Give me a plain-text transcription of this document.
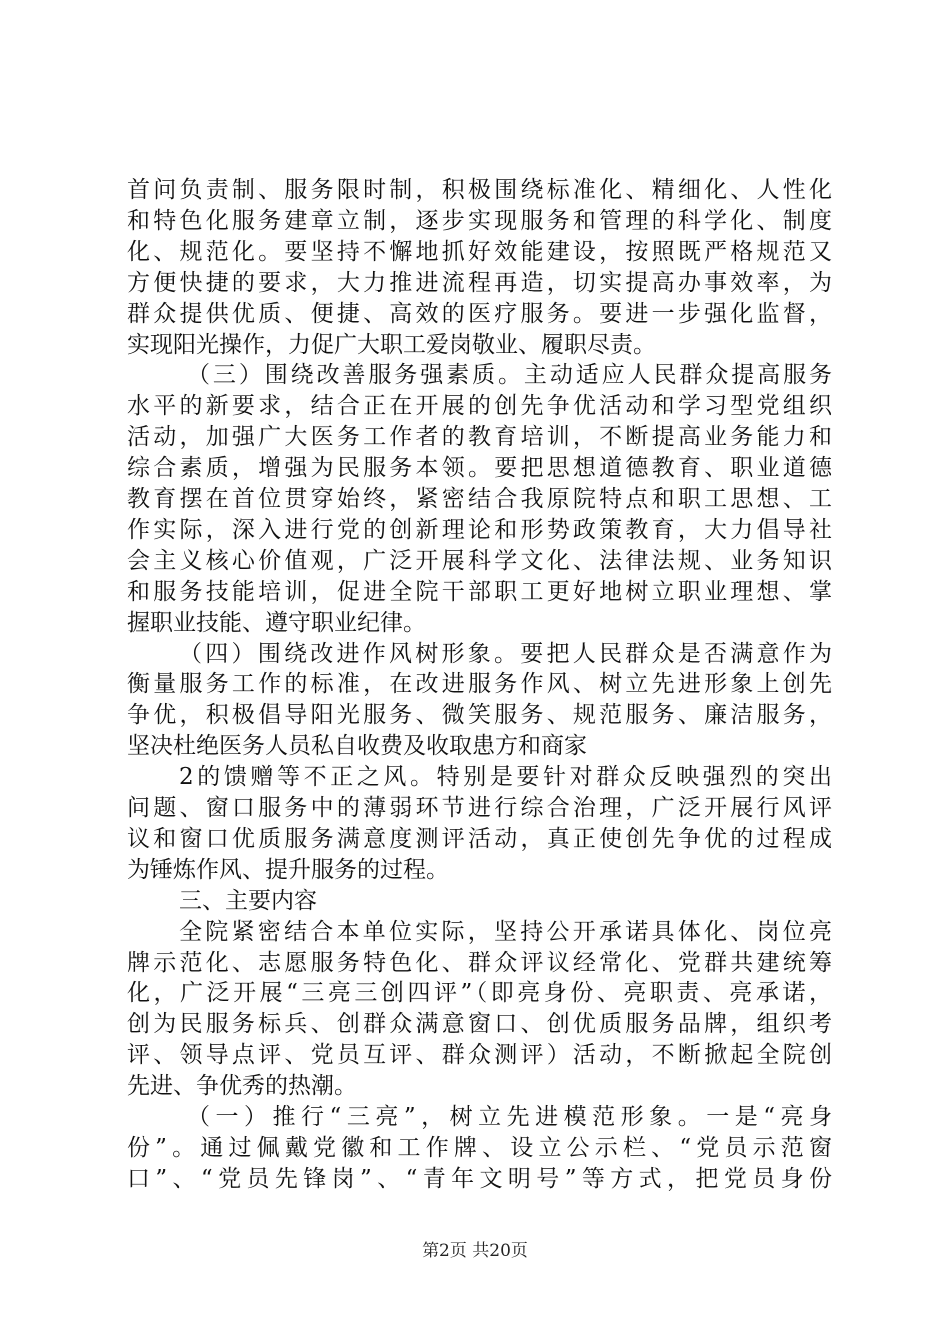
第2页 共20页
首问负责制、服务限时制，积极围绕标准化、精细化、人性化
和特色化服务建章立制，逐步实现服务和管理的科学化、制度
化、规范化。要坚持不懈地抓好效能建设，按照既严格规范又
方便快捷的要求，大力推进流程再造，切实提高办事效率，为
群众提供优质、便捷、高效的医疗服务。要进一步强化监督，
实现阳光操作，力促广大职工爱岗敬业、履职尽责。
（三）围绕改善服务强素质。主动适应人民群众提高服务
水平的新要求，结合正在开展的创先争优活动和学习型党组织
活动，加强广大医务工作者的教育培训，不断提高业务能力和
综合素质，增强为民服务本领。要把思想道德教育、职业道德
教育摆在首位贯穿始终，紧密结合我原院特点和职工思想、工
作实际，深入进行党的创新理论和形势政策教育，大力倡导社
会主义核心价值观，广泛开展科学文化、法律法规、业务知识
和服务技能培训，促进全院干部职工更好地树立职业理想、掌
握职业技能、遵守职业纪律。
（四）围绕改进作风树形象。要把人民群众是否满意作为
衡量服务工作的标准，在改进服务作风、树立先进形象上创先
争优，积极倡导阳光服务、微笑服务、规范服务、廉洁服务，
坚决杜绝医务人员私自收费及收取患方和商家
2的馈赠等不正之风。特别是要针对群众反映强烈的突出
问题、窗口服务中的薄弱环节进行综合治理，广泛开展行风评
议和窗口优质服务满意度测评活动，真正使创先争优的过程成
为锤炼作风、提升服务的过程。
三、主要内容
全院紧密结合本单位实际，坚持公开承诺具体化、岗位亮
牌示范化、志愿服务特色化、群众评议经常化、党群共建统筹
化，广泛开展“三亮三创四评”（即亮身份、亮职责、亮承诺，
创为民服务标兵、创群众满意窗口、创优质服务品牌，组织考
评、领导点评、党员互评、群众测评）活动，不断掀起全院创
先进、争优秀的热潮。
（一）推行“三亮”，树立先进模范形象。一是“亮身
份”。通过佩戴党徽和工作牌、设立公示栏、“党员示范窗
口”、“党员先锋岗”、“青年文明号”等方式，把党员身份
